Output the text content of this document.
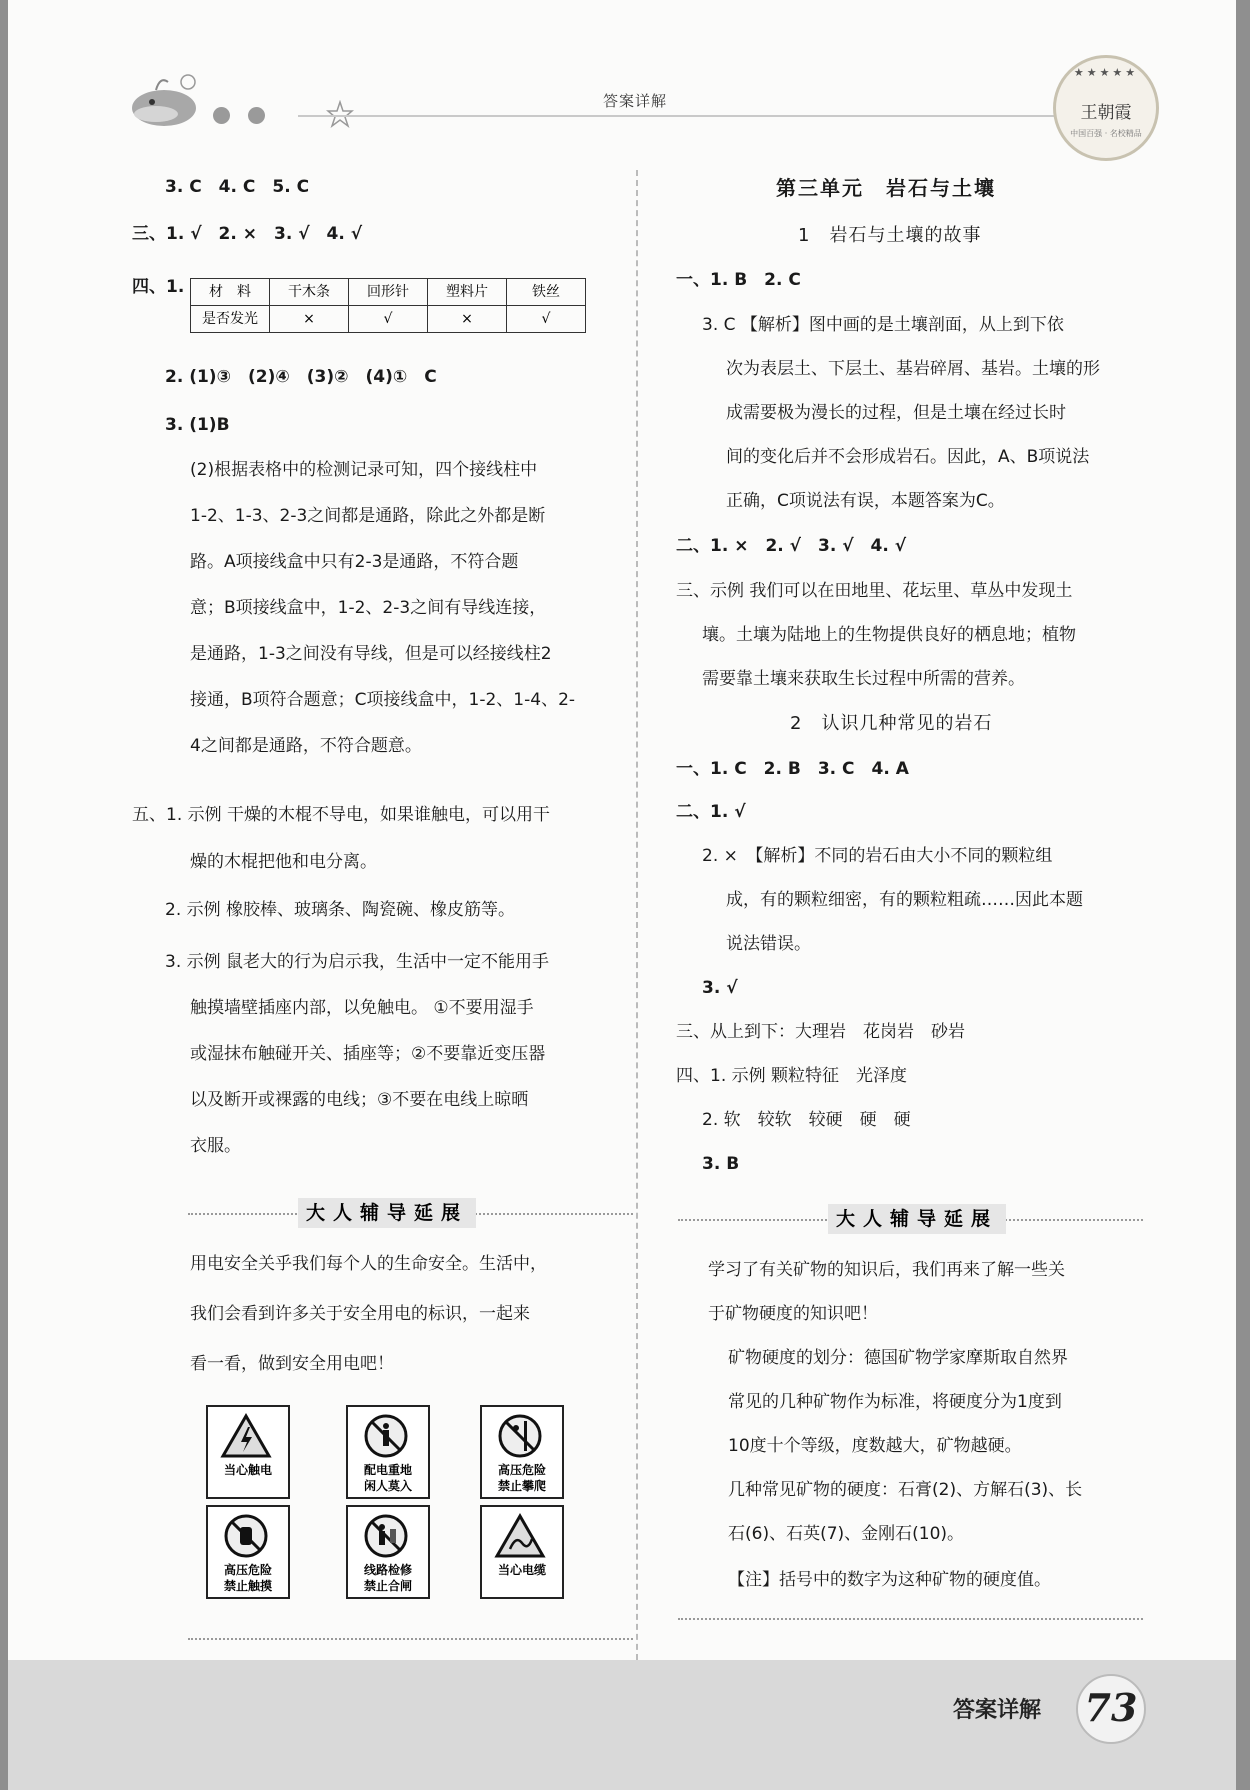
答案详解
★★★★★
王朝霞
中国百强 · 名校精品
3. C　4. C　5. C
三、1. √　2. ×　3. √　4. √
四、1.
2. (1)③　(2)④　(3)②　(4)①　C
3. (1)B
(2)根据表格中的检测记录可知，四个接线柱中
1-2、1-3、2-3之间都是通路，除此之外都是断
路。A项接线盒中只有2-3是通路，不符合题
意；B项接线盒中，1-2、2-3之间有导线连接，
是通路，1-3之间没有导线，但是可以经接线柱2
接通，B项符合题意；C项接线盒中，1-2、1-4、2-
4之间都是通路，不符合题意。
五、1. 示例 干燥的木棍不导电，如果谁触电，可以用干
燥的木棍把他和电分离。
2. 示例 橡胶棒、玻璃条、陶瓷碗、橡皮筋等。
3. 示例 鼠老大的行为启示我，生活中一定不能用手
触摸墙壁插座内部，以免触电。 ①不要用湿手
或湿抹布触碰开关、插座等；②不要靠近变压器
以及断开或裸露的电线；③不要在电线上晾晒
衣服。
用电安全关乎我们每个人的生命安全。生活中，
我们会看到许多关于安全用电的标识，一起来
看一看，做到安全用电吧！
材　料	干木条	回形针	塑料片	铁丝
是否发光	×	√	×	√
大人辅导延展
当心触电	配电重地
闲人莫入
高压危险
禁止攀爬
高压危险
禁止触摸
线路检修
禁止合闸
当心电缆
第三单元　岩石与土壤
1　岩石与土壤的故事
一、1. B　2. C
3. C 【解析】图中画的是土壤剖面，从上到下依
次为表层土、下层土、基岩碎屑、基岩。土壤的形
成需要极为漫长的过程，但是土壤在经过长时
间的变化后并不会形成岩石。因此，A、B项说法
正确，C项说法有误，本题答案为C。
二、1. ×　2. √　3. √　4. √
三、示例 我们可以在田地里、花坛里、草丛中发现土
壤。土壤为陆地上的生物提供良好的栖息地；植物
需要靠土壤来获取生长过程中所需的营养。
2　认识几种常见的岩石
一、1. C　2. B　3. C　4. A
二、1. √
2. ×　【解析】不同的岩石由大小不同的颗粒组
成，有的颗粒细密，有的颗粒粗疏……因此本题
说法错误。
3. √
三、从上到下：大理岩　花岗岩　砂岩
四、1. 示例 颗粒特征　光泽度
2. 软　较软　较硬　硬　硬
3. B
学习了有关矿物的知识后，我们再来了解一些关
于矿物硬度的知识吧！
矿物硬度的划分：德国矿物学家摩斯取自然界
常见的几种矿物作为标准，将硬度分为1度到
10度十个等级，度数越大，矿物越硬。
几种常见矿物的硬度：石膏(2)、方解石(3)、长
石(6)、石英(7)、金刚石(10)。
【注】括号中的数字为这种矿物的硬度值。
大人辅导延展
答案详解 73
